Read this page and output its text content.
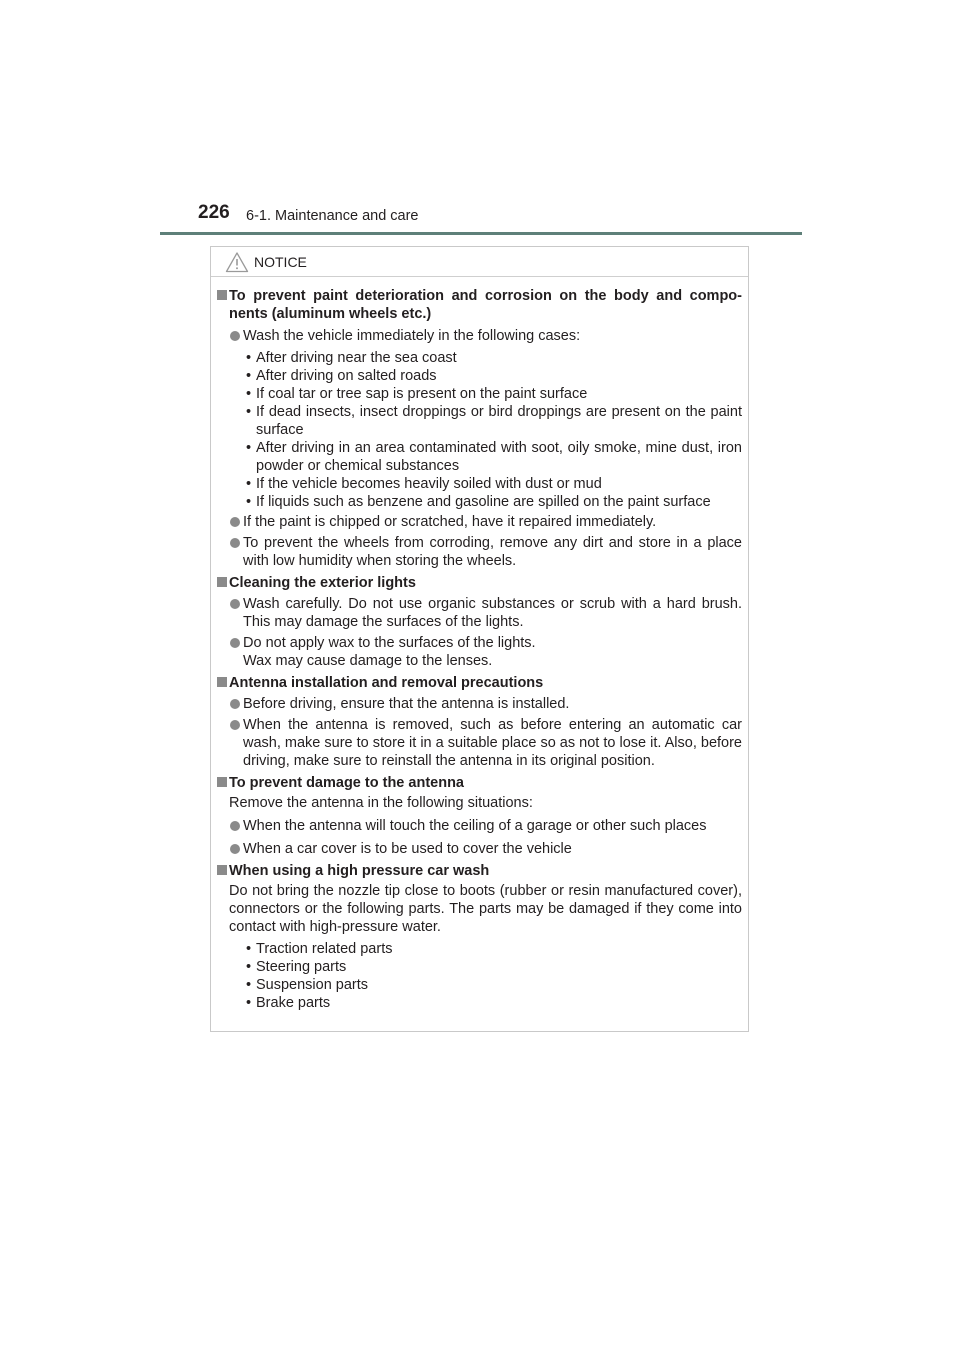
226 6-1. Maintenance and care
NOTICE
To prevent paint deterioration and corrosion on the body and compo-nents (aluminum wheels etc.)
Wash the vehicle immediately in the following cases:
• After driving near the sea coast
• After driving on salted roads
• If coal tar or tree sap is present on the paint surface
• If dead insects, insect droppings or bird droppings are present on the paint surface
• After driving in an area contaminated with soot, oily smoke, mine dust, iron powder or chemical substances
• If the vehicle becomes heavily soiled with dust or mud
• If liquids such as benzene and gasoline are spilled on the paint surface
If the paint is chipped or scratched, have it repaired immediately.
To prevent the wheels from corroding, remove any dirt and store in a place with low humidity when storing the wheels.
Cleaning the exterior lights
Wash carefully. Do not use organic substances or scrub with a hard brush. This may damage the surfaces of the lights.
Do not apply wax to the surfaces of the lights.
Wax may cause damage to the lenses.
Antenna installation and removal precautions
Before driving, ensure that the antenna is installed.
When the antenna is removed, such as before entering an automatic car wash, make sure to store it in a suitable place so as not to lose it. Also, before driving, make sure to reinstall the antenna in its original position.
To prevent damage to the antenna
Remove the antenna in the following situations:
When the antenna will touch the ceiling of a garage or other such places
When a car cover is to be used to cover the vehicle
When using a high pressure car wash
Do not bring the nozzle tip close to boots (rubber or resin manufactured cover), connectors or the following parts. The parts may be damaged if they come into contact with high-pressure water.
• Traction related parts
• Steering parts
• Suspension parts
• Brake parts
